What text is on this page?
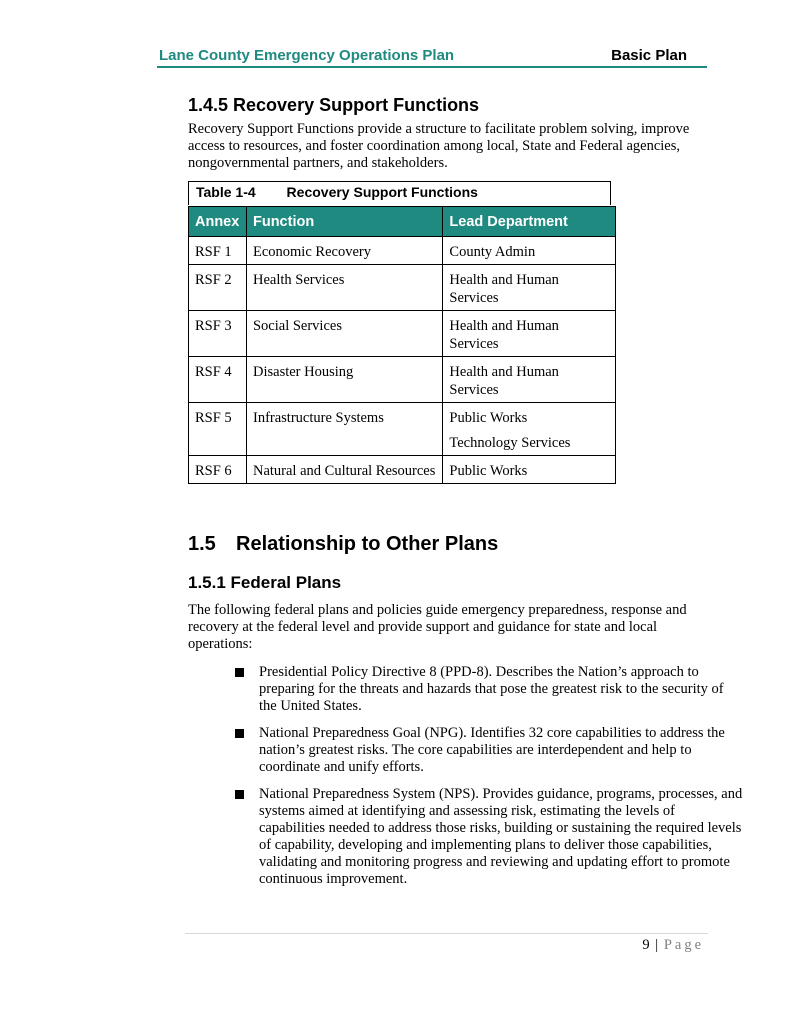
Lane County Emergency Operations Plan	Basic Plan
1.4.5 Recovery Support Functions
Recovery Support Functions provide a structure to facilitate problem solving, improve access to resources, and foster coordination among local, State and Federal agencies, nongovernmental partners, and stakeholders.
Table 1-4 Recovery Support Functions
Annex	Function	Lead Department
RSF 1	Economic Recovery	County Admin

RSF 2	Health Services	Health and Human Services

RSF 3	Social Services	Health and Human Services

RSF 4	Disaster Housing	Health and Human Services

RSF 5	Infrastructure Systems	Public Works
Technology Services

RSF 6	Natural and Cultural Resources	Public Works
1.5 Relationship to Other Plans
1.5.1 Federal Plans
The following federal plans and policies guide emergency preparedness, response and recovery at the federal level and provide support and guidance for state and local operations:
Presidential Policy Directive 8 (PPD-8). Describes the Nation’s approach to preparing for the threats and hazards that pose the greatest risk to the security of the United States.
National Preparedness Goal (NPG). Identifies 32 core capabilities to address the nation’s greatest risks. The core capabilities are interdependent and help to coordinate and unify efforts.
National Preparedness System (NPS). Provides guidance, programs, processes, and systems aimed at identifying and assessing risk, estimating the levels of capabilities needed to address those risks, building or sustaining the required levels of capability, developing and implementing plans to deliver those capabilities, validating and monitoring progress and reviewing and updating effort to promote continuous improvement.
9 | Page
